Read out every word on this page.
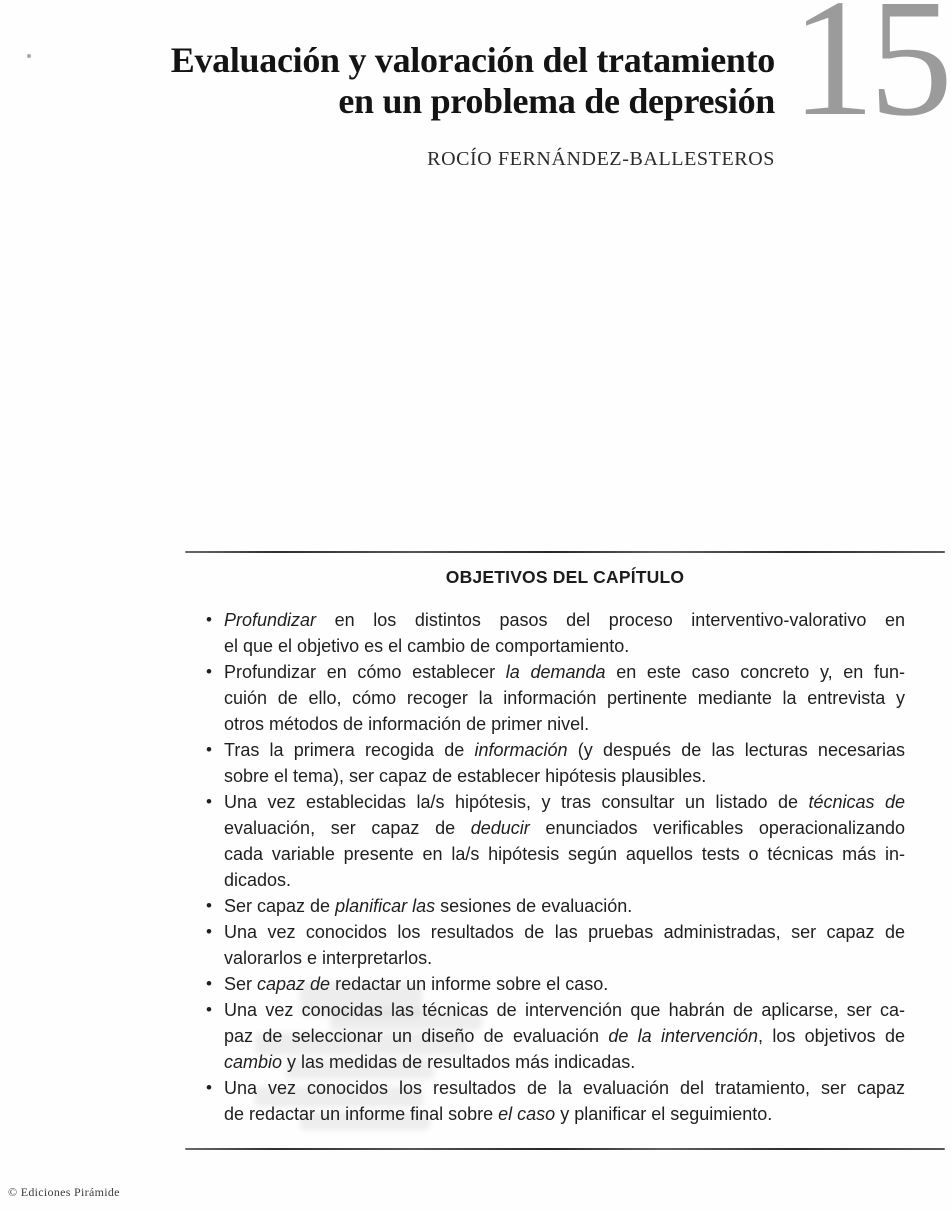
15
Evaluación y valoración del tratamiento
en un problema de depresión
ROCÍO FERNÁNDEZ-BALLESTEROS
OBJETIVOS DEL CAPÍTULO
• Profundizar en los distintos pasos del proceso interventivo-valorativo en
el que el objetivo es el cambio de comportamiento.
• Profundizar en cómo establecer la demanda en este caso concreto y, en fun-
cuión de ello, cómo recoger la información pertinente mediante la entrevista y
otros métodos de información de primer nivel.
• Tras la primera recogida de información (y después de las lecturas necesarias
sobre el tema), ser capaz de establecer hipótesis plausibles.
• Una vez establecidas la/s hipótesis, y tras consultar un listado de técnicas de
evaluación, ser capaz de deducir enunciados verificables operacionalizando
cada variable presente en la/s hipótesis según aquellos tests o técnicas más in-
dicados.
• Ser capaz de planificar las sesiones de evaluación.
• Una vez conocidos los resultados de las pruebas administradas, ser capaz de
valorarlos e interpretarlos.
• Ser capaz de redactar un informe sobre el caso.
• Una vez conocidas las técnicas de intervención que habrán de aplicarse, ser ca-
paz de seleccionar un diseño de evaluación de la intervención, los objetivos de
cambio y las medidas de resultados más indicadas.
• Una vez conocidos los resultados de la evaluación del tratamiento, ser capaz
de redactar un informe final sobre el caso y planificar el seguimiento.
© Ediciones Pirámide
